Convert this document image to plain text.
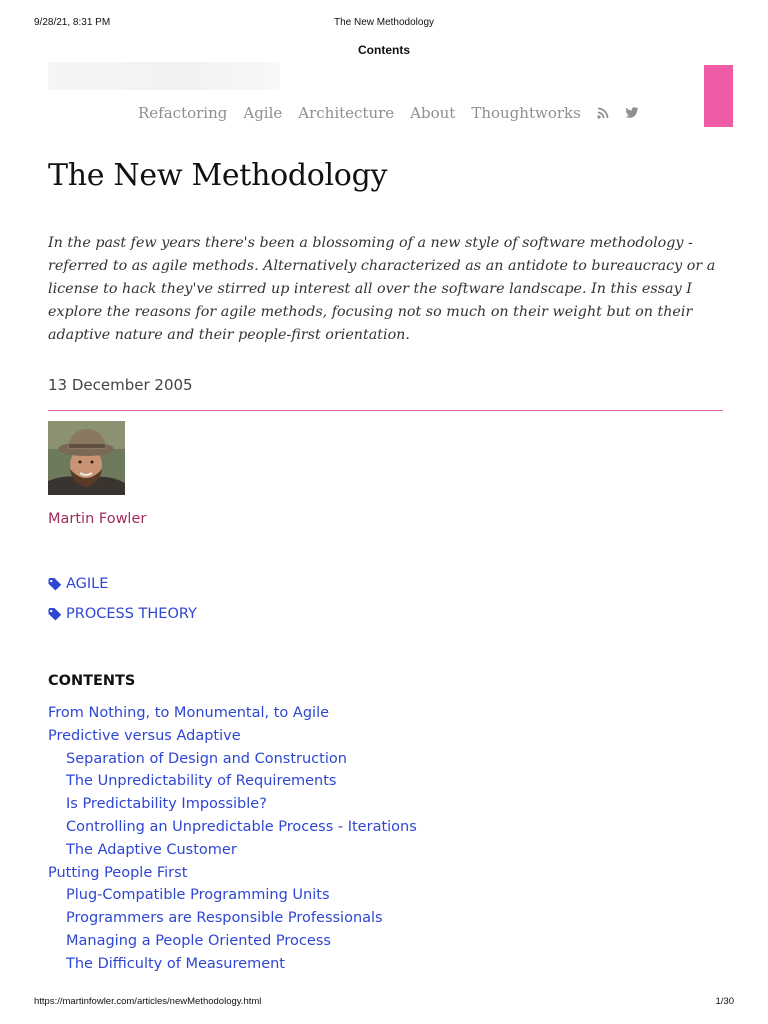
9/28/21, 8:31 PM	The New Methodology
Contents
Refactoring Agile Architecture About Thoughtworks
The New Methodology

In the past few years there's been a blossoming of a new style of software methodology - referred to as agile methods. Alternatively characterized as an antidote to bureaucracy or a license to hack they've stirred up interest all over the software landscape. In this essay I explore the reasons for agile methods, focusing not so much on their weight but on their adaptive nature and their people-first orientation.

13 December 2005
Martin Fowler
AGILE
PROCESS THEORY
CONTENTS
From Nothing, to Monumental, to Agile
Predictive versus Adaptive
Separation of Design and Construction
The Unpredictability of Requirements
Is Predictability Impossible?
Controlling an Unpredictable Process - Iterations
The Adaptive Customer
Putting People First
Plug-Compatible Programming Units
Programmers are Responsible Professionals
Managing a People Oriented Process
The Difficulty of Measurement
https://martinfowler.com/articles/newMethodology.html	1/30
